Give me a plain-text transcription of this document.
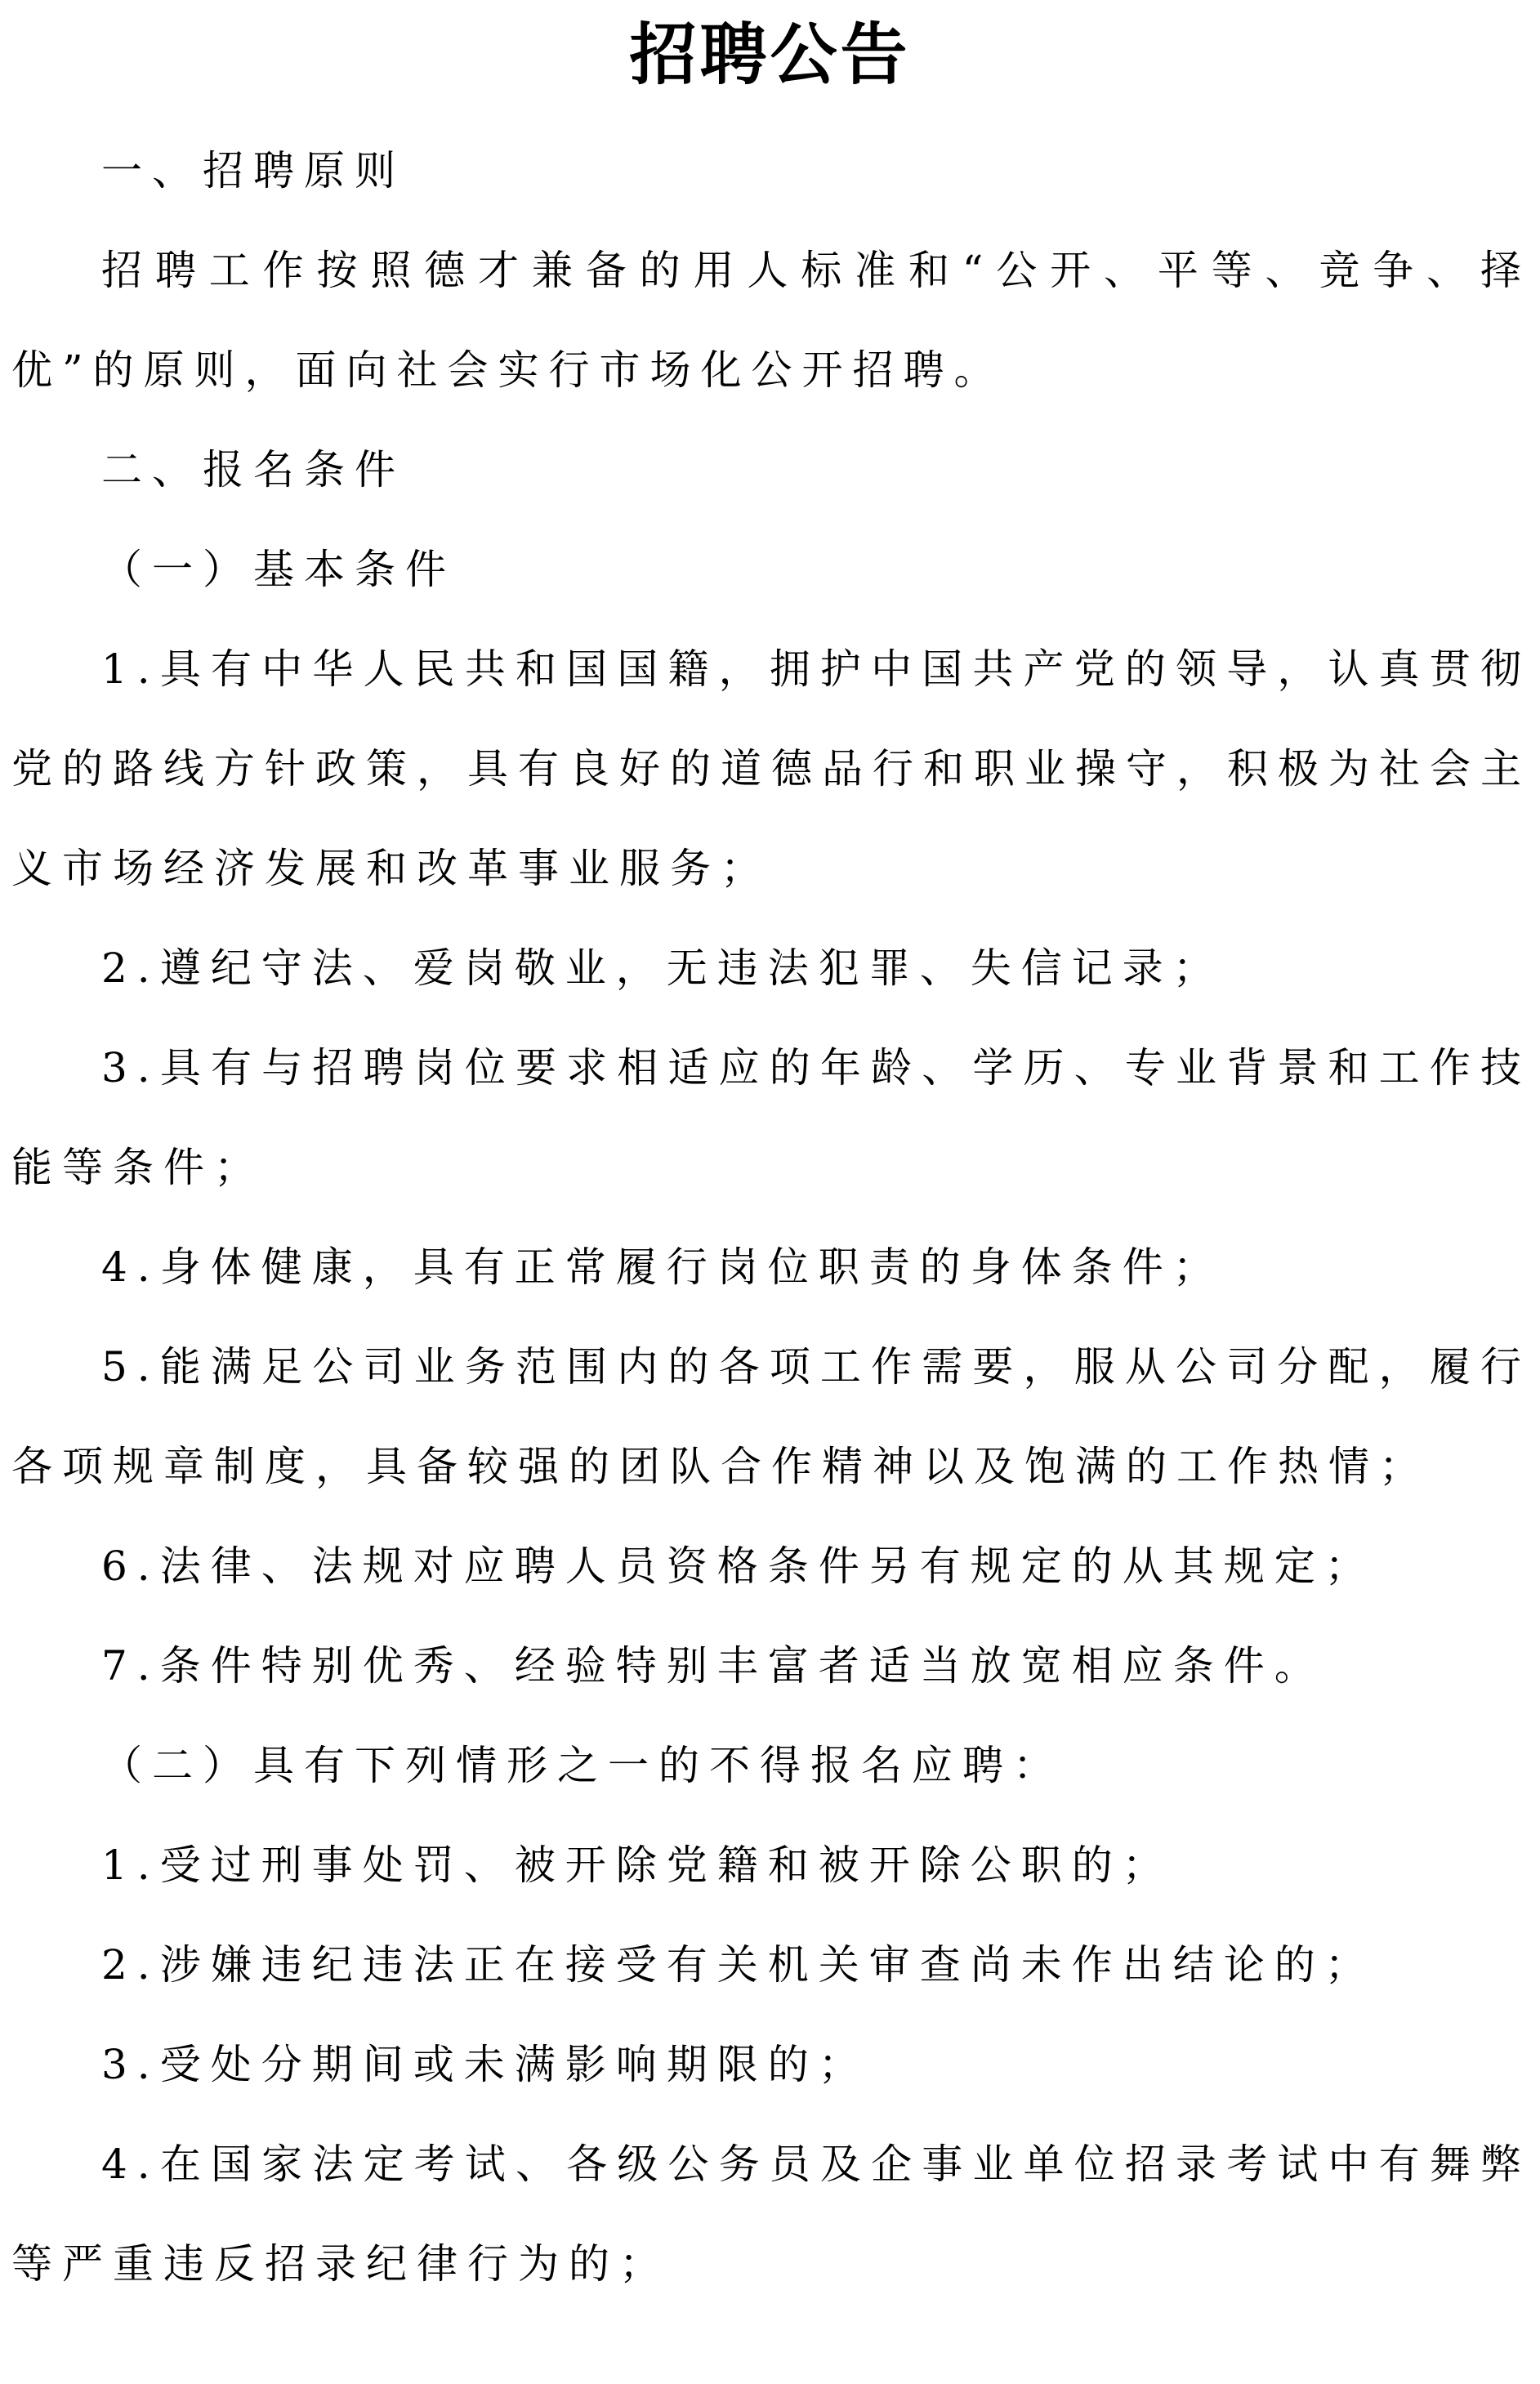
招聘公告

一、招聘原则

招聘工作按照德才兼备的用人标准和“公开、平等、竞争、择优”的原则，面向社会实行市场化公开招聘。

二、报名条件

（一）基本条件

1.具有中华人民共和国国籍，拥护中国共产党的领导，认真贯彻党的路线方针政策，具有良好的道德品行和职业操守，积极为社会主义市场经济发展和改革事业服务；

2.遵纪守法、爱岗敬业，无违法犯罪、失信记录；

3.具有与招聘岗位要求相适应的年龄、学历、专业背景和工作技能等条件；

4.身体健康，具有正常履行岗位职责的身体条件；

5.能满足公司业务范围内的各项工作需要，服从公司分配，履行各项规章制度，具备较强的团队合作精神以及饱满的工作热情；

6.法律、法规对应聘人员资格条件另有规定的从其规定；

7.条件特别优秀、经验特别丰富者适当放宽相应条件。

（二）具有下列情形之一的不得报名应聘：

1.受过刑事处罚、被开除党籍和被开除公职的；

2.涉嫌违纪违法正在接受有关机关审查尚未作出结论的；

3.受处分期间或未满影响期限的；

4.在国家法定考试、各级公务员及企事业单位招录考试中有舞弊等严重违反招录纪律行为的；
